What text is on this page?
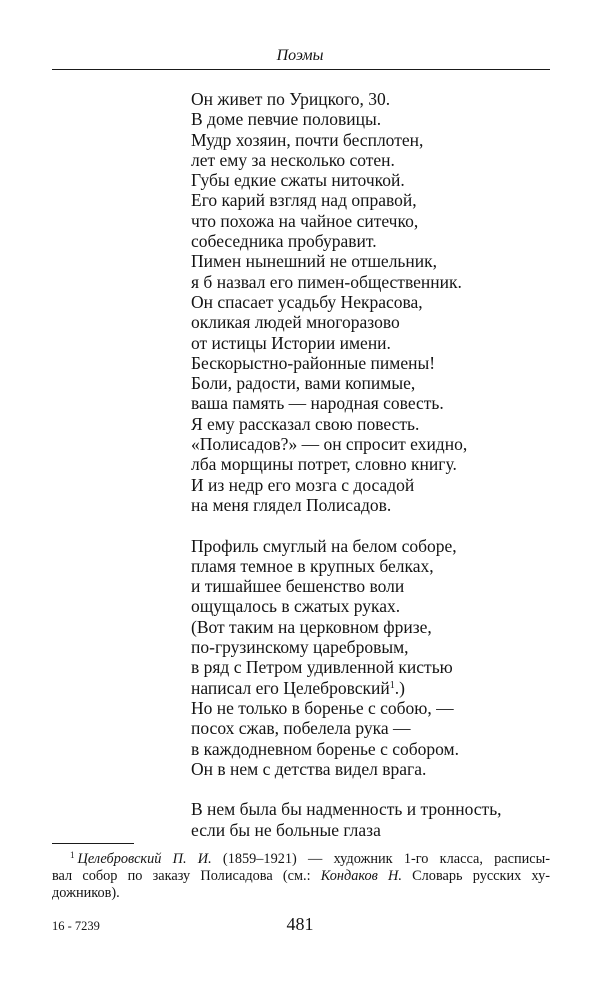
Поэмы
Он живет по Урицкого, 30.
В доме певчие половицы.
Мудр хозяин, почти бесплотен,
лет ему за несколько сотен.
Губы едкие сжаты ниточкой.
Его карий взгляд над оправой,
что похожа на чайное ситечко,
собеседника пробуравит.
Пимен нынешний не отшельник,
я б назвал его пимен-общественник.
Он спасает усадьбу Некрасова,
окликая людей многоразово
от истицы Истории имени.
Бескорыстно-районные пимены!
Боли, радости, вами копимые,
ваша память — народная совесть.
Я ему рассказал свою повесть.
«Полисадов?» — он спросит ехидно,
лба морщины потрет, словно книгу.
И из недр его мозга с досадой
на меня глядел Полисадов.
Профиль смуглый на белом соборе,
пламя темное в крупных белках,
и тишайшее бешенство воли
ощущалось в сжатых руках.
(Вот таким на церковном фризе,
по-грузинскому царебровым,
в ряд с Петром удивленной кистью
написал его Целебровский$^1$.)
Но не только в боренье с собою, —
посох сжав, побелела рука —
в каждодневном боренье с собором.
Он в нем с детства видел врага.
В нем была бы надменность и тронность,
если бы не больные глаза
$^1$ Целебровский П. И. (1859–1921) — художник 1-го класса, расписы-
вал собор по заказу Полисадова (см.: Кондаков Н. Словарь русских ху-
дожников).
16 - 7239	481
